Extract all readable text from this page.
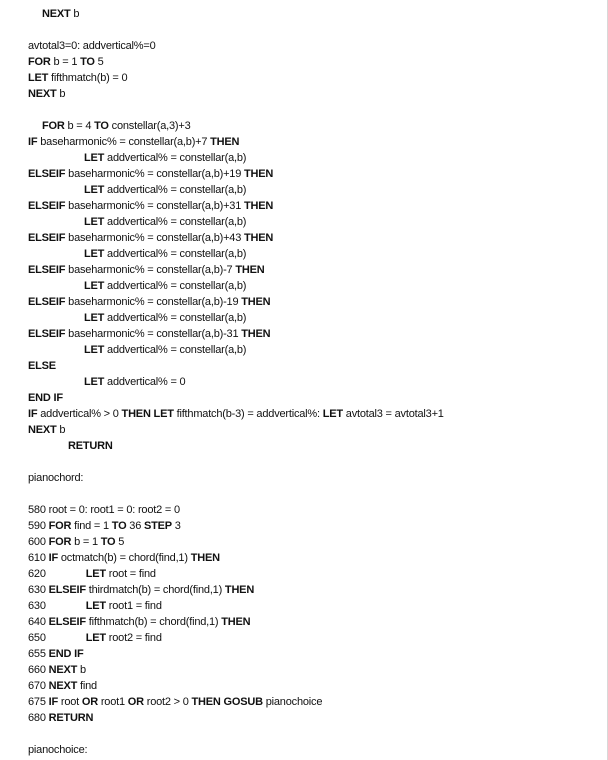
NEXT b
avtotal3=0: addvertical%=0
FOR b = 1 TO 5
LET fifthmatch(b) = 0
NEXT b
FOR b = 4 TO constellar(a,3)+3
IF baseharmonic% = constellar(a,b)+7 THEN
LET addvertical% = constellar(a,b)
ELSEIF baseharmonic% = constellar(a,b)+19 THEN
LET addvertical% = constellar(a,b)
ELSEIF baseharmonic% = constellar(a,b)+31 THEN
LET addvertical% = constellar(a,b)
ELSEIF baseharmonic% = constellar(a,b)+43 THEN
LET addvertical% = constellar(a,b)
ELSEIF baseharmonic% = constellar(a,b)-7 THEN
LET addvertical% = constellar(a,b)
ELSEIF baseharmonic% = constellar(a,b)-19 THEN
LET addvertical% = constellar(a,b)
ELSEIF baseharmonic% = constellar(a,b)-31 THEN
LET addvertical% = constellar(a,b)
ELSE
LET addvertical% = 0
END IF
IF addvertical% > 0 THEN LET fifthmatch(b-3) = addvertical%: LET avtotal3 = avtotal3+1
NEXT b
RETURN
pianochord:
580 root = 0: root1 = 0: root2 = 0
590 FOR find = 1 TO 36 STEP 3
600 FOR b = 1 TO 5
610 IF octmatch(b) = chord(find,1) THEN
620              LET root = find
630 ELSEIF thirdmatch(b) = chord(find,1) THEN
630              LET root1 = find
640 ELSEIF fifthmatch(b) = chord(find,1) THEN
650              LET root2 = find
655 END IF
660 NEXT b
670 NEXT find
675 IF root OR root1 OR root2 > 0 THEN GOSUB pianochoice
680 RETURN
pianochoice:
